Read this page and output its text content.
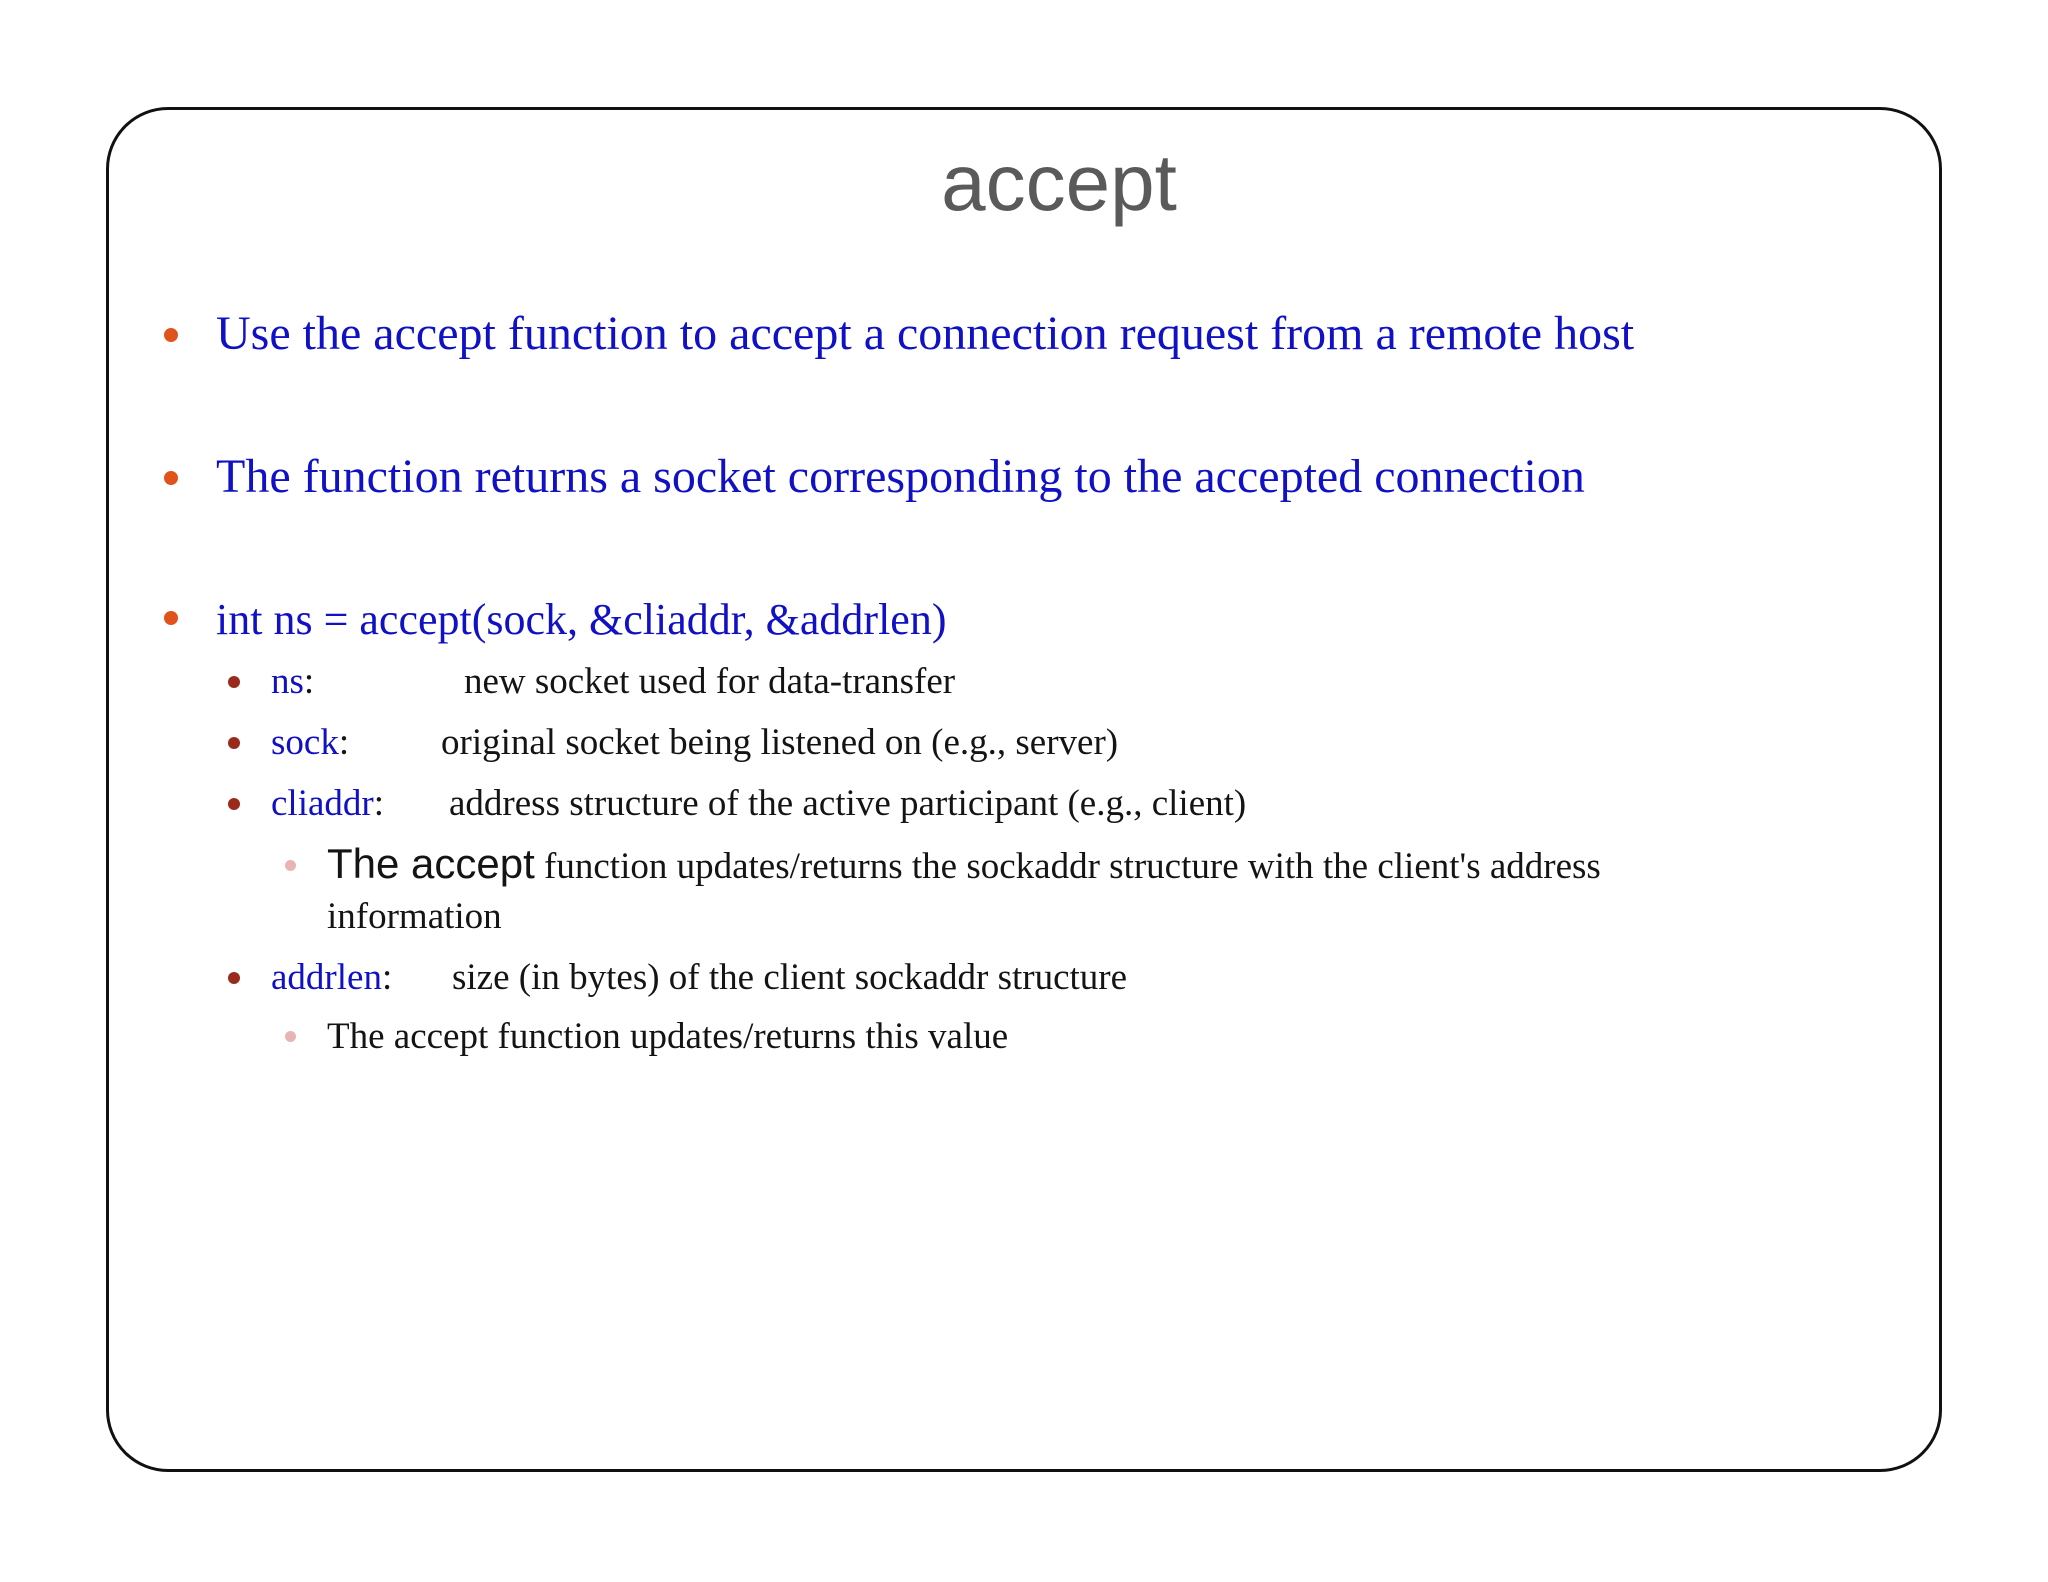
accept
Use the accept function to accept a connection request from a remote host
The function returns a socket corresponding to the accepted connection
int ns = accept(sock, &cliaddr, &addrlen)
ns:	new socket used for data-transfer
sock: original socket being listened on (e.g., server)
cliaddr: address structure of the active participant (e.g., client)
The accept function updates/returns the sockaddr structure with the client's address
information
addrlen: size (in bytes) of the client sockaddr structure
The accept function updates/returns this value
